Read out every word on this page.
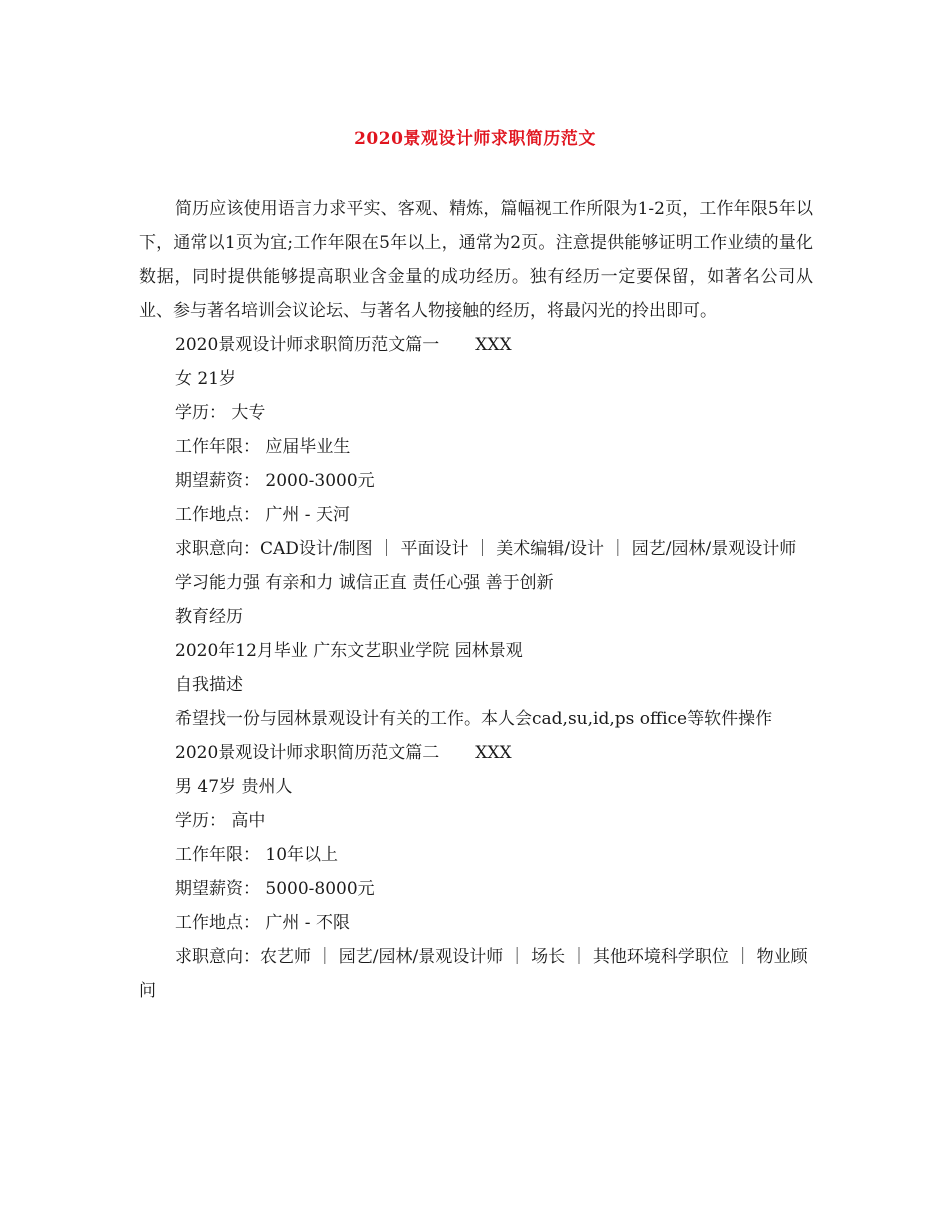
2020景观设计师求职简历范文

简历应该使用语言力求平实、客观、精炼，篇幅视工作所限为1-2页，工作年限5年以下，通常以1页为宜;工作年限在5年以上，通常为2页。注意提供能够证明工作业绩的量化数据，同时提供能够提高职业含金量的成功经历。独有经历一定要保留，如著名公司从业、参与著名培训会议论坛、与著名人物接触的经历，将最闪光的拎出即可。

2020景观设计师求职简历范文篇一 XXX

女 21岁

学历： 大专

工作年限： 应届毕业生

期望薪资： 2000-3000元

工作地点： 广州 - 天河

求职意向：CAD设计/制图 ｜ 平面设计 ｜ 美术编辑/设计 ｜ 园艺/园林/景观设计师

学习能力强 有亲和力 诚信正直 责任心强 善于创新

教育经历

2020年12月毕业 广东文艺职业学院 园林景观

自我描述

希望找一份与园林景观设计有关的工作。本人会cad,su,id,ps office等软件操作

2020景观设计师求职简历范文篇二 XXX

男 47岁 贵州人

学历： 高中

工作年限： 10年以上

期望薪资： 5000-8000元

工作地点： 广州 - 不限

求职意向：农艺师 ｜ 园艺/园林/景观设计师 ｜ 场长 ｜ 其他环境科学职位 ｜ 物业顾问
